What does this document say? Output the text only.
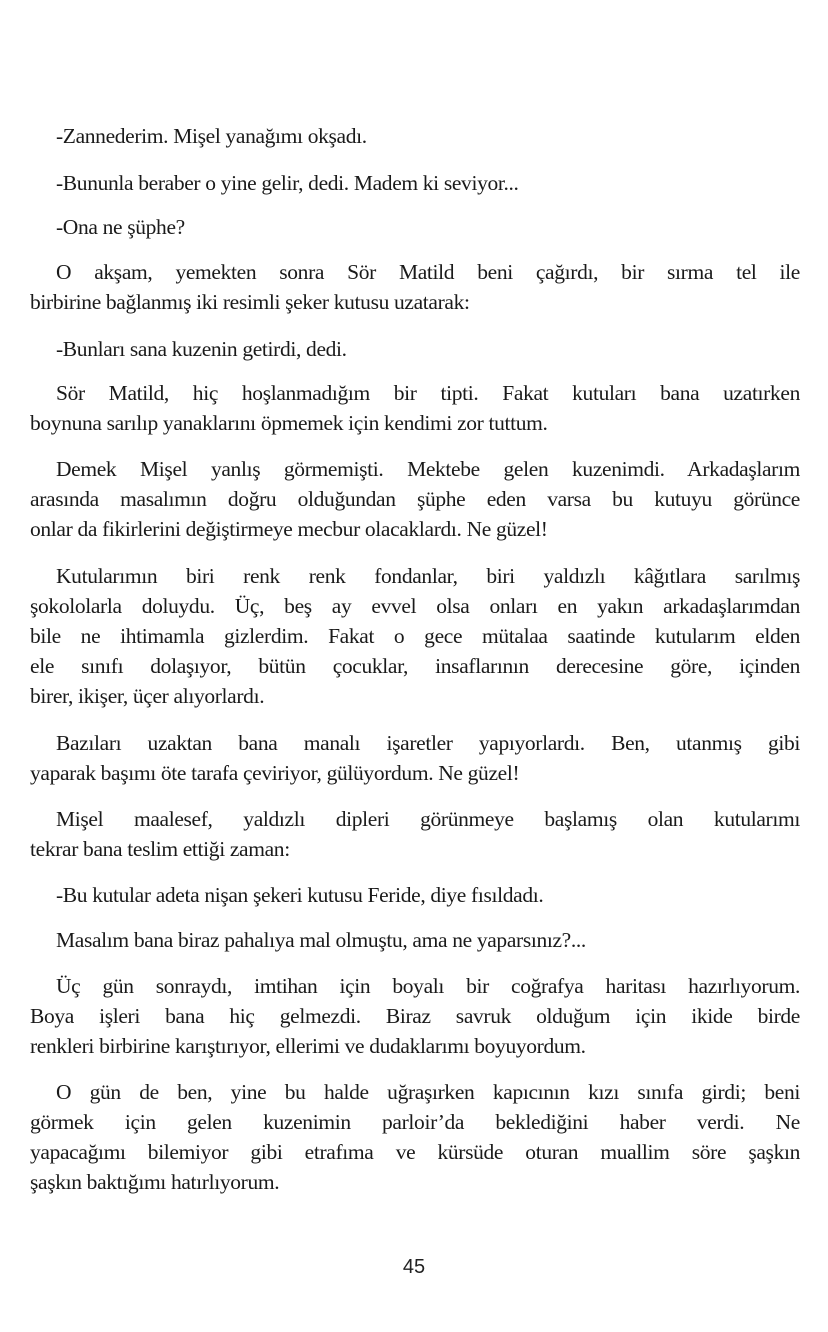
-Zannederim. Mişel yanağımı okşadı.
-Bununla beraber o yine gelir, dedi. Madem ki seviyor...
-Ona ne şüphe?
O akşam, yemekten sonra Sör Matild beni çağırdı, bir sırma tel ile
birbirine bağlanmış iki resimli şeker kutusu uzatarak:
-Bunları sana kuzenin getirdi, dedi.
Sör Matild, hiç hoşlanmadığım bir tipti. Fakat kutuları bana uzatırken
boynuna sarılıp yanaklarını öpmemek için kendimi zor tuttum.
Demek Mişel yanlış görmemişti. Mektebe gelen kuzenimdi. Arkadaşlarım
arasında masalımın doğru olduğundan şüphe eden varsa bu kutuyu görünce
onlar da fikirlerini değiştirmeye mecbur olacaklardı. Ne güzel!
Kutularımın biri renk renk fondanlar, biri yaldızlı kâğıtlara sarılmış
şokololarla doluydu. Üç, beş ay evvel olsa onları en yakın arkadaşlarımdan
bile ne ihtimamla gizlerdim. Fakat o gece mütalaa saatinde kutularım elden
ele sınıfı dolaşıyor, bütün çocuklar, insaflarının derecesine göre, içinden
birer, ikişer, üçer alıyorlardı.
Bazıları uzaktan bana manalı işaretler yapıyorlardı. Ben, utanmış gibi
yaparak başımı öte tarafa çeviriyor, gülüyordum. Ne güzel!
Mişel maalesef, yaldızlı dipleri görünmeye başlamış olan kutularımı
tekrar bana teslim ettiği zaman:
-Bu kutular adeta nişan şekeri kutusu Feride, diye fısıldadı.
Masalım bana biraz pahalıya mal olmuştu, ama ne yaparsınız?...
Üç gün sonraydı, imtihan için boyalı bir coğrafya haritası hazırlıyorum.
Boya işleri bana hiç gelmezdi. Biraz savruk olduğum için ikide birde
renkleri birbirine karıştırıyor, ellerimi ve dudaklarımı boyuyordum.
O gün de ben, yine bu halde uğraşırken kapıcının kızı sınıfa girdi; beni
görmek için gelen kuzenimin parloir’da beklediğini haber verdi. Ne
yapacağımı bilemiyor gibi etrafıma ve kürsüde oturan muallim söre şaşkın
şaşkın baktığımı hatırlıyorum.
45
